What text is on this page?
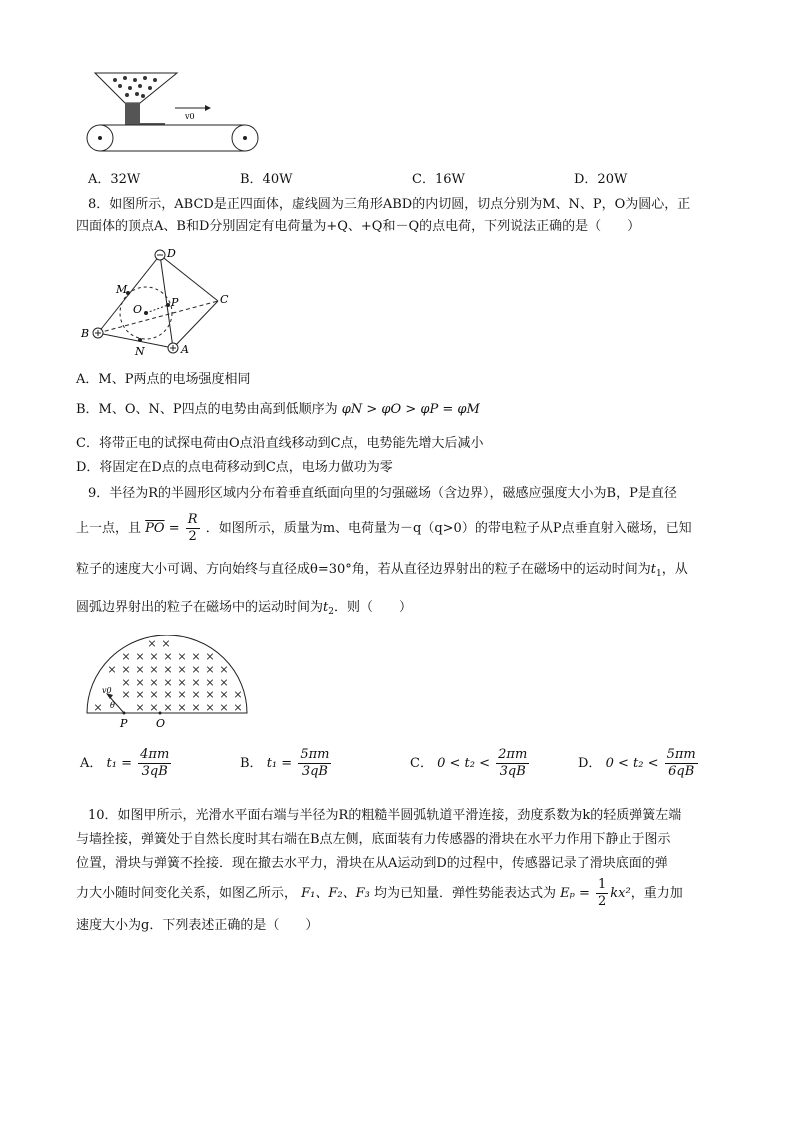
v0
A．32W	B．40W	C．16W	D．20W
8．如图所示，ABCD是正四面体，虚线圆为三角形ABD的内切圆，切点分别为M、N、P，O为圆心，正
四面体的顶点A、B和D分别固定有电荷量为+Q、+Q和－Q的点电荷，下列说法正确的是（　　）
D
M
O
P	C
B
N	A
A．M、P两点的电场强度相同
B．M、O、N、P四点的电势由高到低顺序为 φN > φO > φP = φM
C．将带正电的试探电荷由O点沿直线移动到C点，电势能先增大后减小
D．将固定在D点的点电荷移动到C点，电场力做功为零
9．半径为R的半圆形区域内分布着垂直纸面向里的匀强磁场（含边界），磁感应强度大小为B，P是直径
上一点，且 $\overline{PO} = \frac{R}{2}$ ．如图所示，质量为m、电荷量为－q（q>0）的带电粒子从P点垂直射入磁场，已知
粒子的速度大小可调、方向始终与直径成θ=30°角，若从直径边界射出的粒子在磁场中的运动时间为$t_1$，从
圆弧边界射出的粒子在磁场中的运动时间为$t_2$．则（　　）
× ×
× × × × × × ×
× × × × × × × × ×
× × × × × × × ×
× × × × × × × × ×
×	× × × × × × × ×
v0
θ
P	O
A． $t_1 = \frac{4\pi m}{3qB}$	B． $t_1 = \frac{5\pi m}{3qB}$	C． $0 < t_2 < \frac{2\pi m}{3qB}$	D． $0 < t_2 < \frac{5\pi m}{6qB}$
10．如图甲所示，光滑水平面右端与半径为R的粗糙半圆弧轨道平滑连接，劲度系数为k的轻质弹簧左端
与墙拴接，弹簧处于自然长度时其右端在B点左侧，底面装有力传感器的滑块在水平力作用下静止于图示
位置，滑块与弹簧不拴接．现在撤去水平力，滑块在从A运动到D的过程中，传感器记录了滑块底面的弹
力大小随时间变化关系，如图乙所示， F₁、F₂、F₃ 均为已知量．弹性势能表达式为 $E_p = \frac{1}{2} kx^2$，重力加
速度大小为g．下列表述正确的是（　　）
